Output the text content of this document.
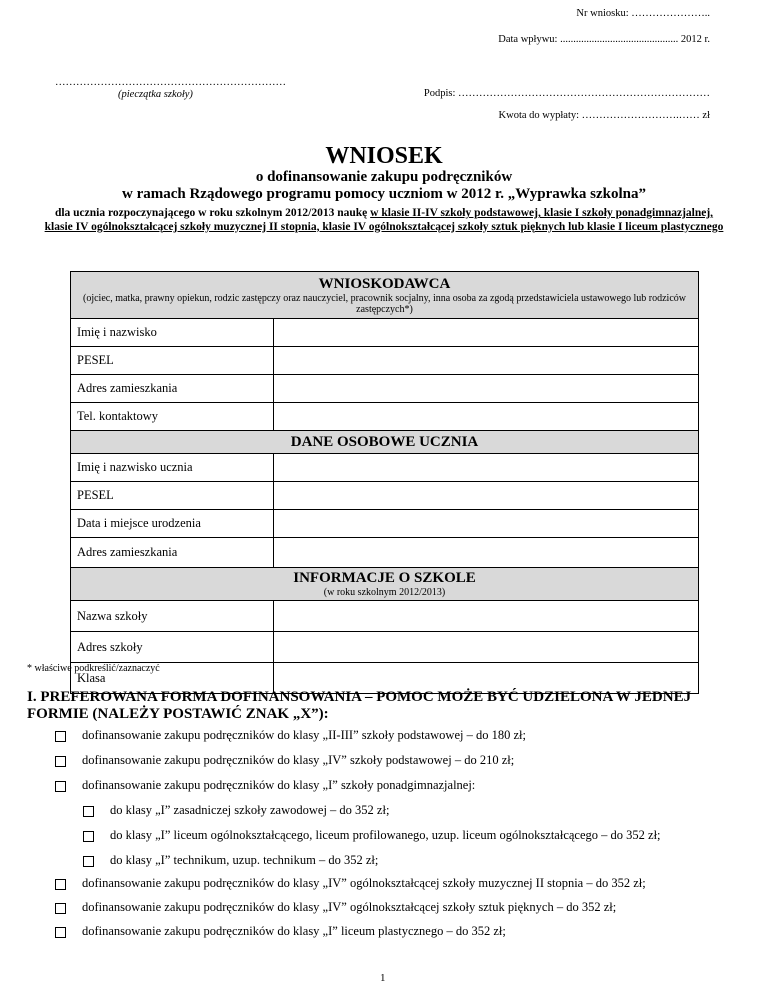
Nr wniosku: …………………..
Data wpływu: ............................................. 2012 r.
…………………………………………………………
(pieczątka szkoły)	Podpis: ………………………………………………………………
Kwota do wypłaty: ……………………….…… zł
WNIOSEK
o dofinansowanie zakupu podręczników
w ramach Rządowego programu pomocy uczniom w 2012 r. „Wyprawka szkolna”
dla ucznia rozpoczynającego w roku szkolnym 2012/2013 naukę w klasie II-IV szkoły podstawowej, klasie I szkoły ponadgimnazjalnej, klasie IV ogólnokształcącej szkoły muzycznej II stopnia, klasie IV ogólnokształcącej szkoły sztuk pięknych lub klasie I liceum plastycznego
WNIOSKODAWCA
(ojciec, matka, prawny opiekun, rodzic zastępczy oraz nauczyciel, pracownik socjalny, inna osoba za zgodą przedstawiciela ustawowego lub rodziców zastępczych*)	

Imię i nazwisko	
PESEL	
Adres zamieszkania	
Tel. kontaktowy	

DANE OSOBOWE UCZNIA	

Imię i nazwisko ucznia	
PESEL	
Data i miejsce urodzenia	
Adres zamieszkania	

INFORMACJE O SZKOLE
(w roku szkolnym 2012/2013)	

Nazwa szkoły	
Adres szkoły	
Klasa	
* właściwe podkreślić/zaznaczyć
I. PREFEROWANA FORMA DOFINANSOWANIA – POMOC MOŻE BYĆ UDZIELONA W JEDNEJ
FORMIE (NALEŻY POSTAWIĆ ZNAK „X”):
dofinansowanie zakupu podręczników do klasy „II-III” szkoły podstawowej – do 180 zł;
dofinansowanie zakupu podręczników do klasy „IV” szkoły podstawowej – do 210 zł;
dofinansowanie zakupu podręczników do klasy „I” szkoły ponadgimnazjalnej:
do klasy „I” zasadniczej szkoły zawodowej – do 352 zł;
do klasy „I” liceum ogólnokształcącego, liceum profilowanego, uzup. liceum ogólnokształcącego – do 352 zł;
do klasy „I” technikum, uzup. technikum – do 352 zł;
dofinansowanie zakupu podręczników do klasy „IV” ogólnokształcącej szkoły muzycznej II stopnia – do 352 zł;
dofinansowanie zakupu podręczników do klasy „IV” ogólnokształcącej szkoły sztuk pięknych – do 352 zł;
dofinansowanie zakupu podręczników do klasy „I” liceum plastycznego – do 352 zł;
1
